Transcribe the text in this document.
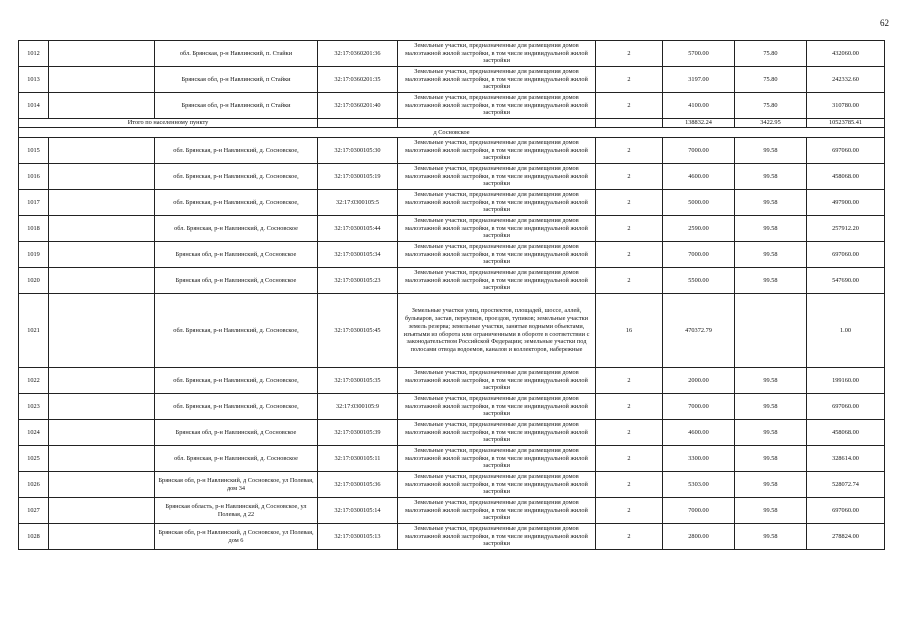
62
1012		обл. Брянская, р-н Навлинский, п. Стайки	32:17:0360201:36	Земельные участки, предназначенные для размещения домов малоэтажной жилой застройки, в том числе индивидуальной жилой застройки	2	5700.00	75.80	432060.00
1013		Брянская обл, р-н Навлинский, п Стайки	32:17:0360201:35	Земельные участки, предназначенные для размещения домов малоэтажной жилой застройки, в том числе индивидуальной жилой застройки	2	3197.00	75.80	242332.60
1014		Брянская обл, р-н Навлинский, п Стайки	32:17:0360201:40	Земельные участки, предназначенные для размещения домов малоэтажной жилой застройки, в том числе индивидуальной жилой застройки	2	4100.00	75.80	310780.00
Итого по населенному пункту						138832.24	3422.95	10523785.41
д Сосновское								
1015		обл. Брянская, р-н Навлинский, д. Сосновское,	32:17:0300105:30	Земельные участки, предназначенные для размещения домов малоэтажной жилой застройки, в том числе индивидуальной жилой застройки	2	7000.00	99.58	697060.00
1016		обл. Брянская, р-н Навлинский, д. Сосновское,	32:17:0300105:19	Земельные участки, предназначенные для размещения домов малоэтажной жилой застройки, в том числе индивидуальной жилой застройки	2	4600.00	99.58	458068.00
1017		обл. Брянская, р-н Навлинский, д. Сосновское,	32:17:0300105:5	Земельные участки, предназначенные для размещения домов малоэтажной жилой застройки, в том числе индивидуальной жилой застройки	2	5000.00	99.58	497900.00
1018		обл. Брянская, р-н Навлинский, д. Сосновское	32:17:0300105:44	Земельные участки, предназначенные для размещения домов малоэтажной жилой застройки, в том числе индивидуальной жилой застройки	2	2590.00	99.58	257912.20
1019		Брянская обл, р-н Навлинский, д Сосновское	32:17:0300105:34	Земельные участки, предназначенные для размещения домов малоэтажной жилой застройки, в том числе индивидуальной жилой застройки	2	7000.00	99.58	697060.00
1020		Брянская обл, р-н Навлинский, д Сосновское	32:17:0300105:23	Земельные участки, предназначенные для размещения домов малоэтажной жилой застройки, в том числе индивидуальной жилой застройки	2	5500.00	99.58	547690.00
1021		обл. Брянская, р-н Навлинский, д. Сосновское,	32:17:0300105:45	Земельные участки улиц, проспектов, площадей, шоссе, аллей, бульваров, застав, переулков, проездов, тупиков; земельные участки земель резерва; земельные участки, занятые водными объектами, изъятыми из оборота или ограниченными в обороте в соответствии с законодательством Российской Федерации; земельные участки под полосами отвода водоемов, каналов и коллекторов, набережные	16	470372.79		1.00
1022		обл. Брянская, р-н Навлинский, д. Сосновское,	32:17:0300105:35	Земельные участки, предназначенные для размещения домов малоэтажной жилой застройки, в том числе индивидуальной жилой застройки	2	2000.00	99.58	199160.00
1023		обл. Брянская, р-н Навлинский, д. Сосновское,	32:17:0300105:9	Земельные участки, предназначенные для размещения домов малоэтажной жилой застройки, в том числе индивидуальной жилой застройки	2	7000.00	99.58	697060.00
1024		Брянская обл, р-н Навлинский, д Сосновское	32:17:0300105:39	Земельные участки, предназначенные для размещения домов малоэтажной жилой застройки, в том числе индивидуальной жилой застройки	2	4600.00	99.58	458068.00
1025		обл. Брянская, р-н Навлинский, д. Сосновское	32:17:0300105:11	Земельные участки, предназначенные для размещения домов малоэтажной жилой застройки, в том числе индивидуальной жилой застройки	2	3300.00	99.58	328614.00
1026		Брянская обл, р-н Навлинский, д Сосновское, ул Полевая, дом 34	32:17:0300105:36	Земельные участки, предназначенные для размещения домов малоэтажной жилой застройки, в том числе индивидуальной жилой застройки	2	5303.00	99.58	528072.74
1027		Брянская область, р-н Навлинский, д Сосновское, ул Полевая, д 22	32:17:0300105:14	Земельные участки, предназначенные для размещения домов малоэтажной жилой застройки, в том числе индивидуальной жилой застройки	2	7000.00	99.58	697060.00
1028		Брянская обл, р-н Навлинский, д Сосновское, ул Полевая, дом 6	32:17:0300105:13	Земельные участки, предназначенные для размещения домов малоэтажной жилой застройки, в том числе индивидуальной жилой застройки	2	2800.00	99.58	278824.00
